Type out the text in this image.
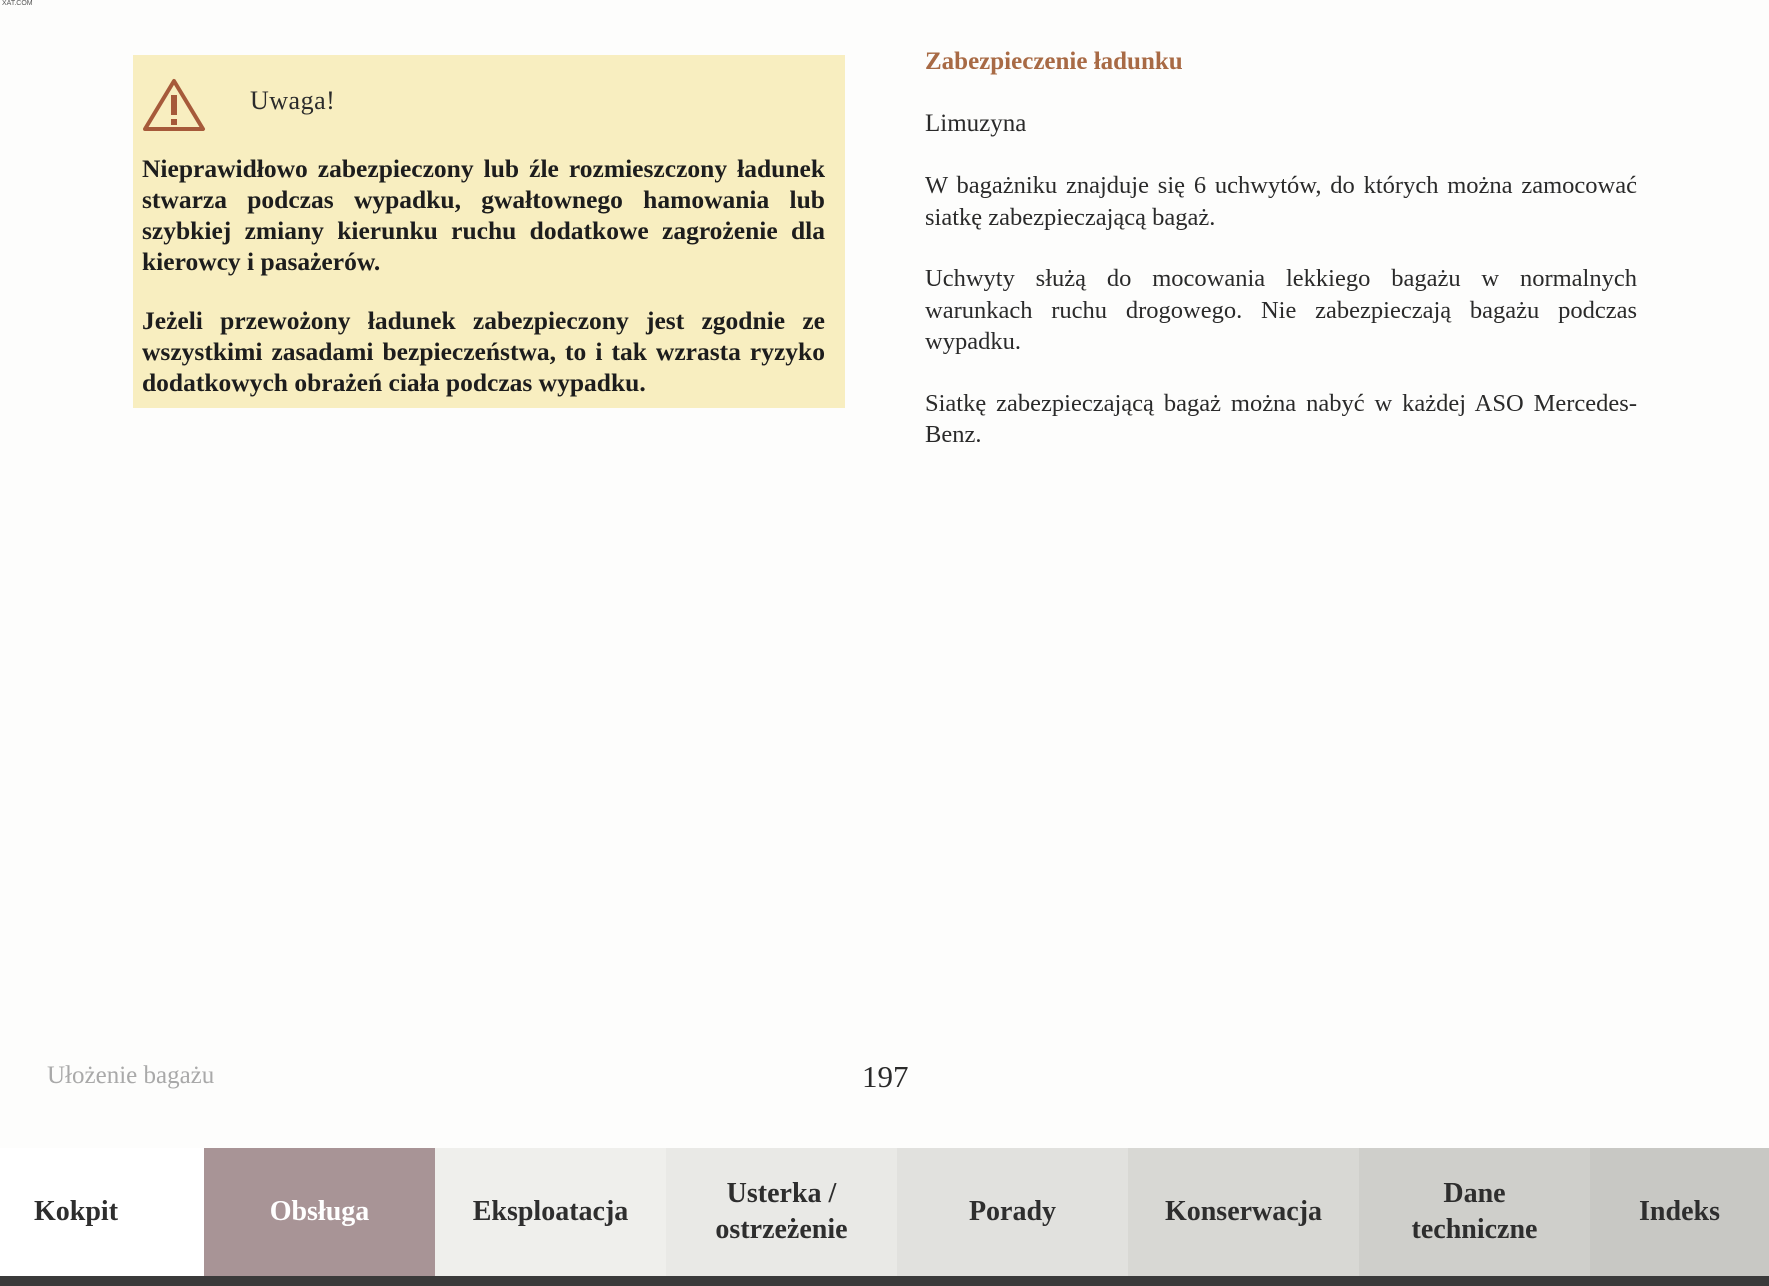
XAT.COM
Uwaga!

Nieprawidłowo zabezpieczony lub źle rozmieszczony ładunek stwarza podczas wypadku, gwałtownego hamowania lub szybkiej zmiany kierunku ruchu dodatkowe zagrożenie dla kierowcy i pasażerów.

Jeżeli przewożony ładunek zabezpieczony jest zgodnie ze wszystkimi zasadami bezpieczeństwa, to i tak wzrasta ryzyko dodatkowych obrażeń ciała podczas wypadku.

Zabezpieczenie ładunku

Limuzyna

W bagażniku znajduje się 6 uchwytów, do których można zamocować siatkę zabezpieczającą bagaż.

Uchwyty służą do mocowania lekkiego bagażu w normalnych warunkach ruchu drogowego. Nie zabezpieczają bagażu podczas wypadku.

Siatkę zabezpieczającą bagaż można nabyć w każdej ASO Mercedes-Benz.

Ułożenie bagażu	197
Kokpit	Obsługa	Eksploatacja
Usterka /
ostrzeżenie
Porady	Konserwacja
Dane
techniczne
Indeks
